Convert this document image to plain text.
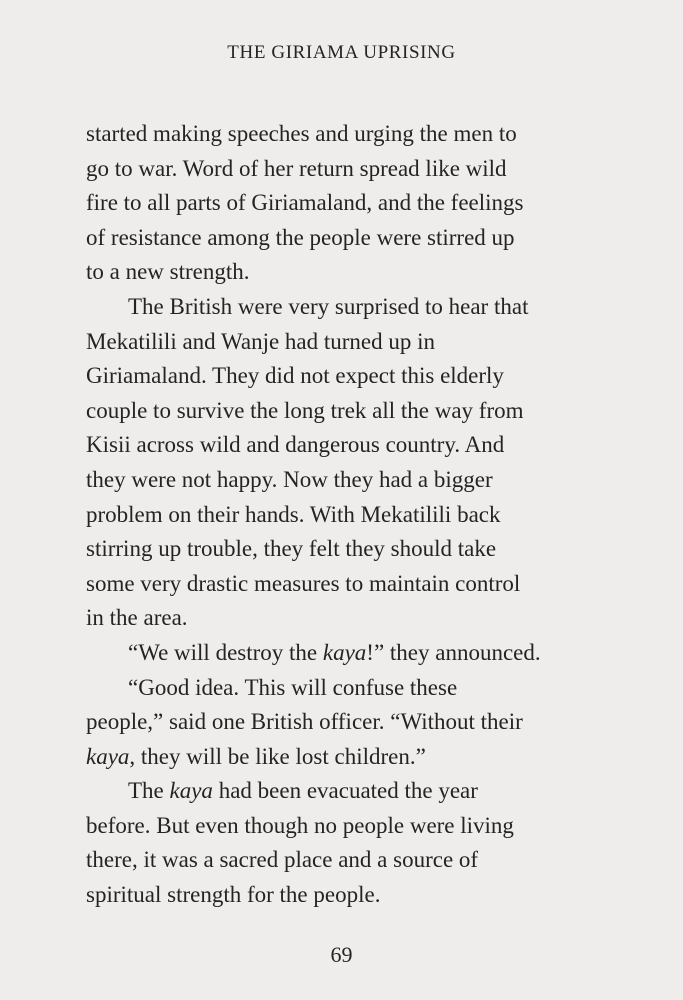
THE GIRIAMA UPRISING
started making speeches and urging the men to
go to war. Word of her return spread like wild
fire to all parts of Giriamaland, and the feelings
of resistance among the people were stirred up
to a new strength.
The British were very surprised to hear that
Mekatilili and Wanje had turned up in
Giriamaland. They did not expect this elderly
couple to survive the long trek all the way from
Kisii across wild and dangerous country. And
they were not happy. Now they had a bigger
problem on their hands. With Mekatilili back
stirring up trouble, they felt they should take
some very drastic measures to maintain control
in the area.
“We will destroy the kaya!” they announced.
“Good idea. This will confuse these
people,” said one British officer. “Without their
kaya, they will be like lost children.”
The kaya had been evacuated the year
before. But even though no people were living
there, it was a sacred place and a source of
spiritual strength for the people.
69
